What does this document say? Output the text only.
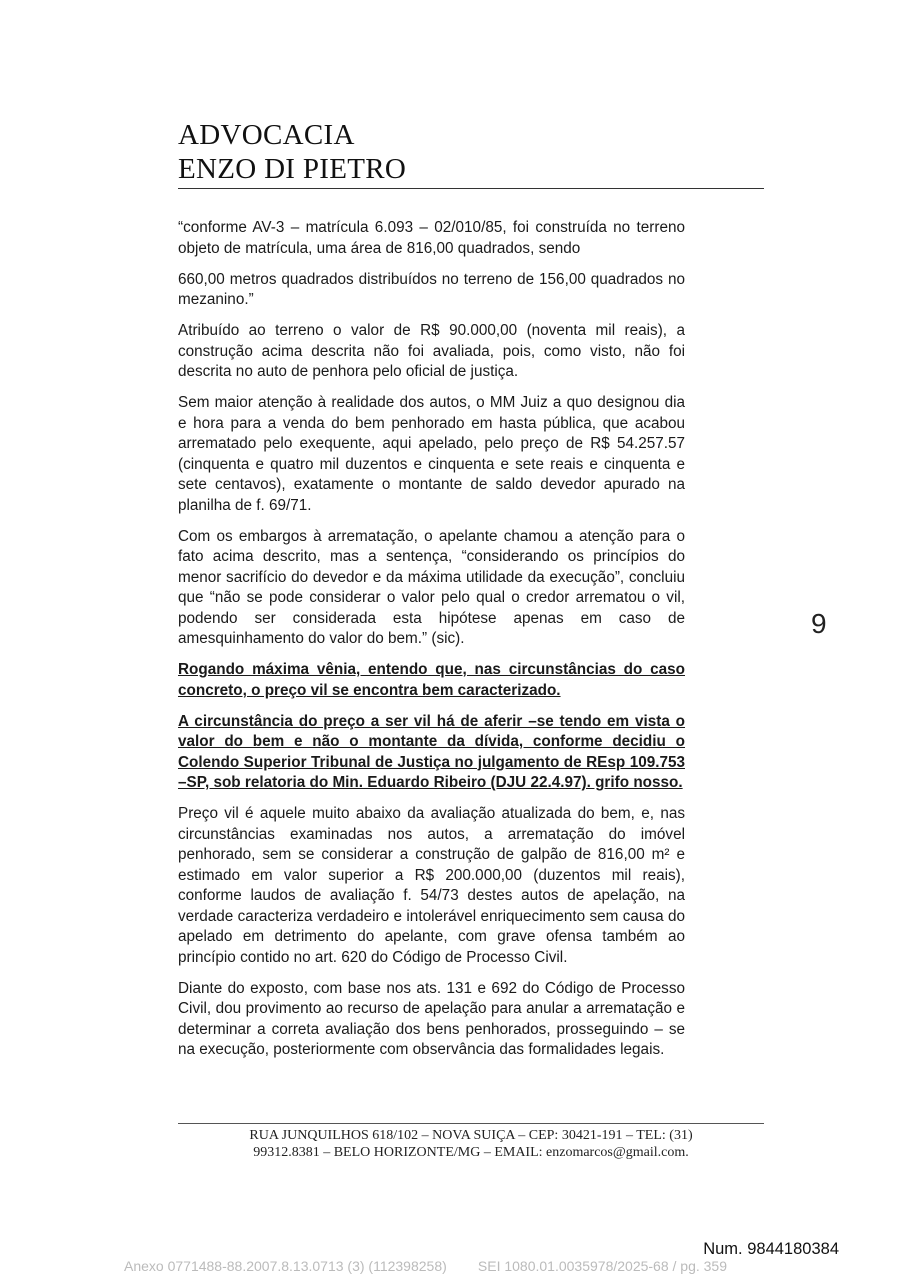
ADVOCACIA
ENZO DI PIETRO

“conforme AV-3 – matrícula 6.093 – 02/010/85, foi construída no terreno objeto de matrícula, uma área de 816,00 quadrados, sendo

660,00 metros quadrados distribuídos no terreno de 156,00 quadrados no mezanino.”

Atribuído ao terreno o valor de R$ 90.000,00 (noventa mil reais), a construção acima descrita não foi avaliada, pois, como visto, não foi descrita no auto de penhora pelo oficial de justiça.

Sem maior atenção à realidade dos autos, o MM Juiz a quo designou dia e hora para a venda do bem penhorado em hasta pública, que acabou arrematado pelo exequente, aqui apelado, pelo preço de R$ 54.257.57 (cinquenta e quatro mil duzentos e cinquenta e sete reais e cinquenta e sete centavos), exatamente o montante de saldo devedor apurado na planilha de f. 69/71.

Com os embargos à arrematação, o apelante chamou a atenção para o fato acima descrito, mas a sentença, “considerando os princípios do menor sacrifício do devedor e da máxima utilidade da execução”, concluiu que “não se pode considerar o valor pelo qual o credor arrematou o vil, podendo ser considerada esta hipótese apenas em caso de amesquinhamento do valor do bem.” (sic).

Rogando máxima vênia, entendo que, nas circunstâncias do caso concreto, o preço vil se encontra bem caracterizado.

A circunstância do preço a ser vil há de aferir –se tendo em vista o valor do bem e não o montante da dívida, conforme decidiu o Colendo Superior Tribunal de Justiça no julgamento de REsp 109.753 –SP, sob relatoria do Min. Eduardo Ribeiro (DJU 22.4.97). grifo nosso.

Preço vil é aquele muito abaixo da avaliação atualizada do bem, e, nas circunstâncias examinadas nos autos, a arrematação do imóvel penhorado, sem se considerar a construção de galpão de 816,00 m² e estimado em valor superior a R$ 200.000,00 (duzentos mil reais), conforme laudos de avaliação f. 54/73 destes autos de apelação, na verdade caracteriza verdadeiro e intolerável enriquecimento sem causa do apelado em detrimento do apelante, com grave ofensa também ao princípio contido no art. 620 do Código de Processo Civil.

Diante do exposto, com base nos ats. 131 e 692 do Código de Processo Civil, dou provimento ao recurso de apelação para anular a arrematação e determinar a correta avaliação dos bens penhorados, prosseguindo – se na execução, posteriormente com observância das formalidades legais.

9
RUA JUNQUILHOS 618/102 – NOVA SUIÇA – CEP: 30421-191 – TEL: (31)
99312.8381 – BELO HORIZONTE/MG – EMAIL: enzomarcos@gmail.com.
Num. 9844180384
Anexo 0771488-88.2007.8.13.0713 (3) (112398258)        SEI 1080.01.0035978/2025-68 / pg. 359
